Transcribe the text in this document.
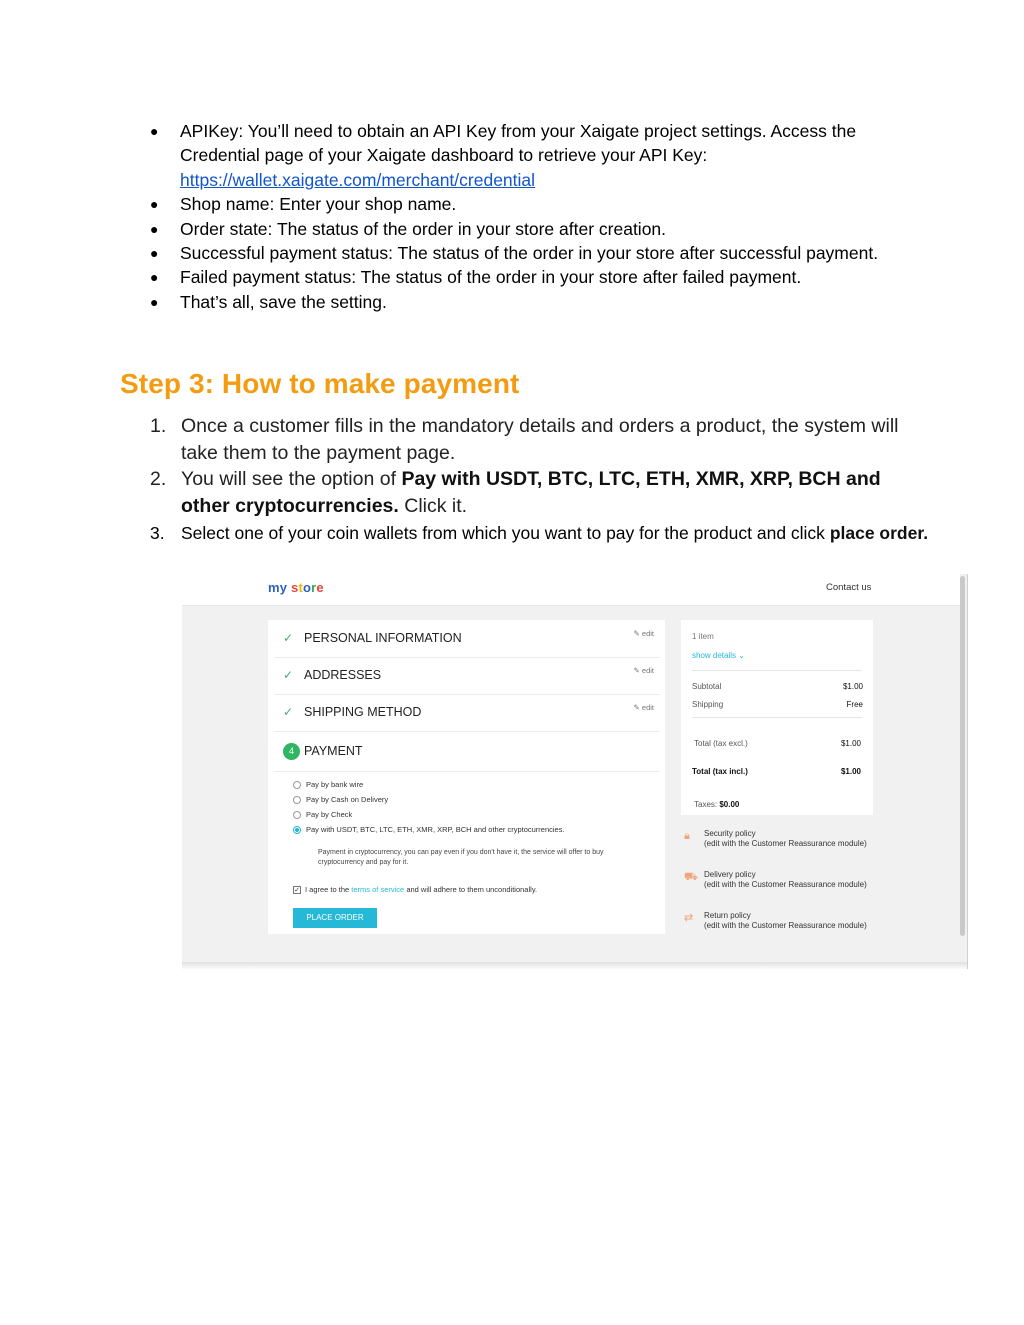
● APIKey: You’ll need to obtain an API Key from your Xaigate project settings. Access the Credential page of your Xaigate dashboard to retrieve your API Key: https://wallet.xaigate.com/merchant/credential
● Shop name: Enter your shop name.
● Order state: The status of the order in your store after creation.
● Successful payment status: The status of the order in your store after successful payment.
● Failed payment status: The status of the order in your store after failed payment.
● That’s all, save the setting.
Step 3: How to make payment
1. Once a customer fills in the mandatory details and orders a product, the system will take them to the payment page.
2. You will see the option of Pay with USDT, BTC, LTC, ETH, XMR, XRP, BCH and other cryptocurrencies. Click it.
3. Select one of your coin wallets from which you want to pay for the product and click place order.
my store	Contact us
✓ PERSONAL INFORMATION	✎ edit
✓ ADDRESSES	✎ edit
✓ SHIPPING METHOD	✎ edit
4 PAYMENT
Pay by bank wire
Pay by Cash on Delivery
Pay by Check
Pay with USDT, BTC, LTC, ETH, XMR, XRP, BCH and other cryptocurrencies.
Payment in cryptocurrency, you can pay even if you don't have it, the service will offer to buy cryptocurrency and pay for it.
✓ I agree to the terms of service and will adhere to them unconditionally.
PLACE ORDER
1 item
show details ⌄
Subtotal	$1.00
Shipping	Free
Total (tax excl.)	$1.00
Total (tax incl.)	$1.00
Taxes: $0.00
🔒︎	Security policy
(edit with the Customer Reassurance module)
⛟ Delivery policy
(edit with the Customer Reassurance module)
⇄	Return policy
(edit with the Customer Reassurance module)
